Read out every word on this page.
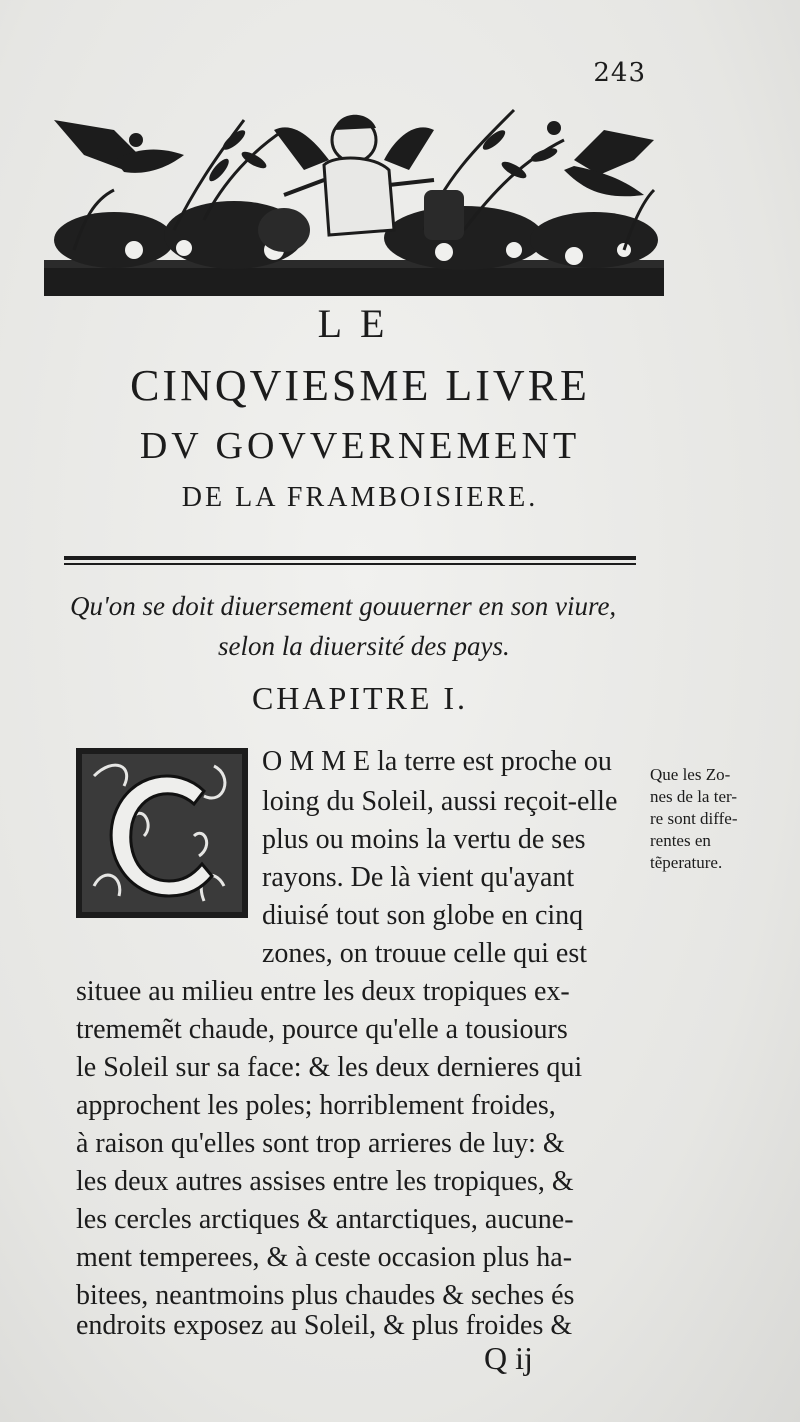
243
LE
CINQVIESME LIVRE
DV GOVVERNEMENT
DE LA FRAMBOISIERE.
Qu'on se doit diuersement gouuerner en son viure,
selon la diuersité des pays.
CHAPITRE I.
O M M E la terre est proche ou
loing du Soleil, aussi reçoit-elle
plus ou moins la vertu de ses
rayons. De là vient qu'ayant
diuisé tout son globe en cinq
zones, on trouue celle qui est
situee au milieu entre les deux tropiques ex-
trememẽt chaude, pource qu'elle a tousiours
le Soleil sur sa face: & les deux dernieres qui
approchent les poles; horriblement froides,
à raison qu'elles sont trop arrieres de luy: &
les deux autres assises entre les tropiques, &
les cercles arctiques & antarctiques, aucune-
ment temperees, & à ceste occasion plus ha-
bitees, neantmoins plus chaudes & seches és
endroits exposez au Soleil, & plus froides &
Que les Zo-
nes de la ter-
re sont diffe-
rentes en
tẽperature.
Q ij
